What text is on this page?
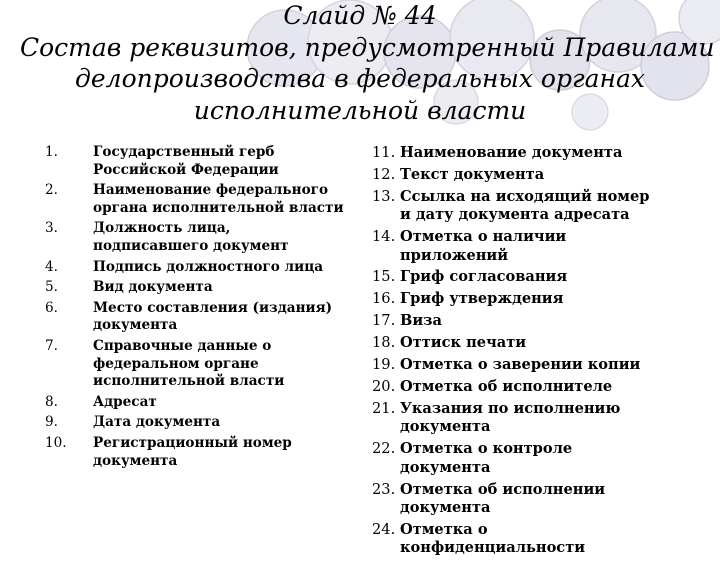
Слайд № 44
Состав реквизитов, предусмотренный Правилами
делопроизводства в федеральных органах
исполнительной власти
1.	Государственный герб
Российской Федерации
2.	Наименование федерального
органа исполнительной власти
3.	Должность лица,
подписавшего документ
4.	Подпись должностного лица
5.	Вид документа
6.	Место составления (издания)
документа
7.	Справочные данные о
федеральном органе
исполнительной власти
8.	Адресат
9.	Дата документа
10.	Регистрационный номер
документа
11. Наименование документа
12. Текст документа
13. Ссылка на исходящий номер
и дату документа адресата
14. Отметка о наличии
приложений
15. Гриф согласования
16. Гриф утверждения
17. Виза
18. Оттиск печати
19. Отметка о заверении копии
20. Отметка об исполнителе
21. Указания по исполнению
документа
22. Отметка о контроле
документа
23. Отметка об исполнении
документа
24. Отметка о
конфиденциальности
